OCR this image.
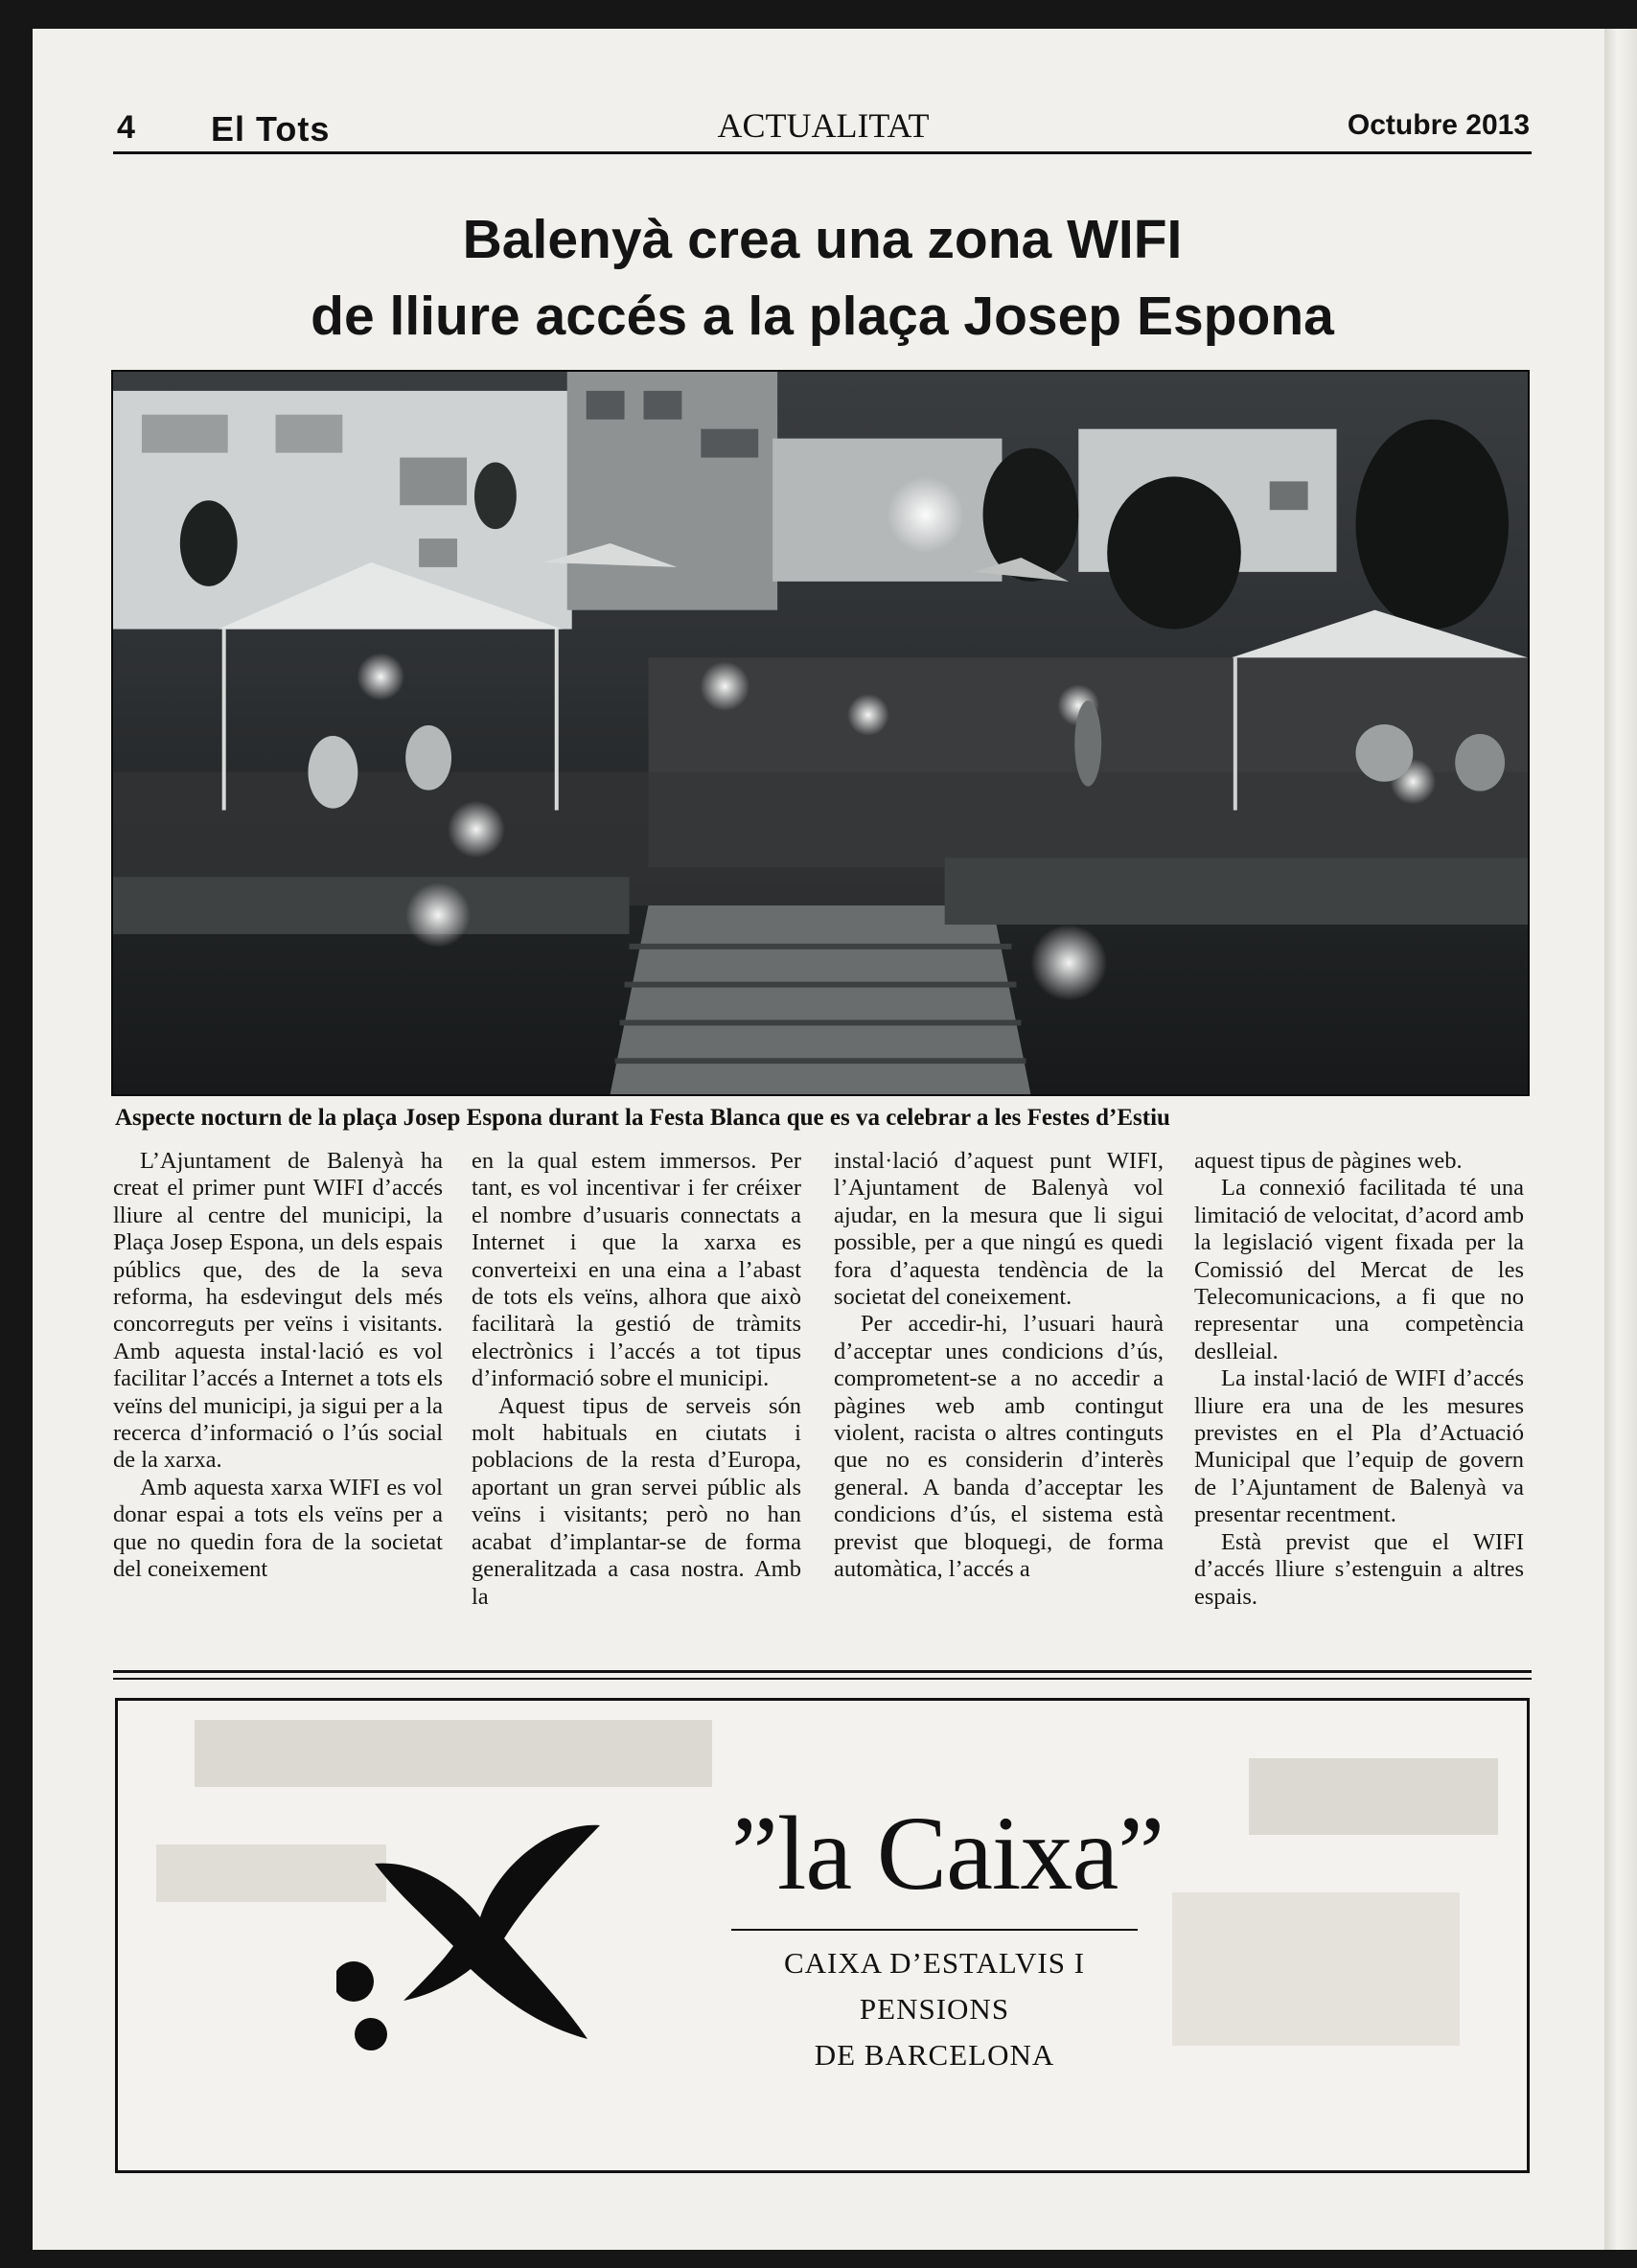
4 El Tots	ACTUALITAT	Octubre 2013
Balenyà crea una zona WIFI
de lliure accés a la plaça Josep Espona
Aspecte nocturn de la plaça Josep Espona durant la Festa Blanca que es va celebrar a les Festes d’Estiu

L’Ajuntament de Balenyà ha creat el primer punt WIFI d’accés lliure al centre del municipi, la Plaça Josep Espona, un dels espais públics que, des de la seva reforma, ha esdevingut dels més concorreguts per veïns i visitants. Amb aquesta instal·lació es vol facilitar l’accés a Internet a tots els veïns del municipi, ja sigui per a la recerca d’informació o l’ús social de la xarxa.

Amb aquesta xarxa WIFI es vol donar espai a tots els veïns per a que no quedin fora de la societat del coneixement

en la qual estem immersos. Per tant, es vol incentivar i fer créixer el nombre d’usuaris connectats a Internet i que la xarxa es converteixi en una eina a l’abast de tots els veïns, alhora que això facilitarà la gestió de tràmits electrònics i l’accés a tot tipus d’informació sobre el municipi.

Aquest tipus de serveis són molt habituals en ciutats i poblacions de la resta d’Europa, aportant un gran servei públic als veïns i visitants; però no han acabat d’implantar-se de forma generalitzada a casa nostra. Amb la

instal·lació d’aquest punt WIFI, l’Ajuntament de Balenyà vol ajudar, en la mesura que li sigui possible, per a que ningú es quedi fora d’aquesta tendència de la societat del coneixement.

Per accedir-hi, l’usuari haurà d’acceptar unes condicions d’ús, comprometent-se a no accedir a pàgines web amb contingut violent, racista o altres continguts que no es considerin d’interès general. A banda d’acceptar les condicions d’ús, el sistema està previst que bloquegi, de forma automàtica, l’accés a

aquest tipus de pàgines web.

La connexió facilitada té una limitació de velocitat, d’acord amb la legislació vigent fixada per la Comissió del Mercat de les Telecomunicacions, a fi que no representar una competència deslleial.

La instal·lació de WIFI d’accés lliure era una de les mesures previstes en el Pla d’Actuació Municipal que l’equip de govern de l’Ajuntament de Balenyà va presentar recentment.

Està previst que el WIFI d’accés lliure s’estenguin a altres espais.

”la Caixa”
CAIXA D’ESTALVIS I PENSIONS
DE BARCELONA
